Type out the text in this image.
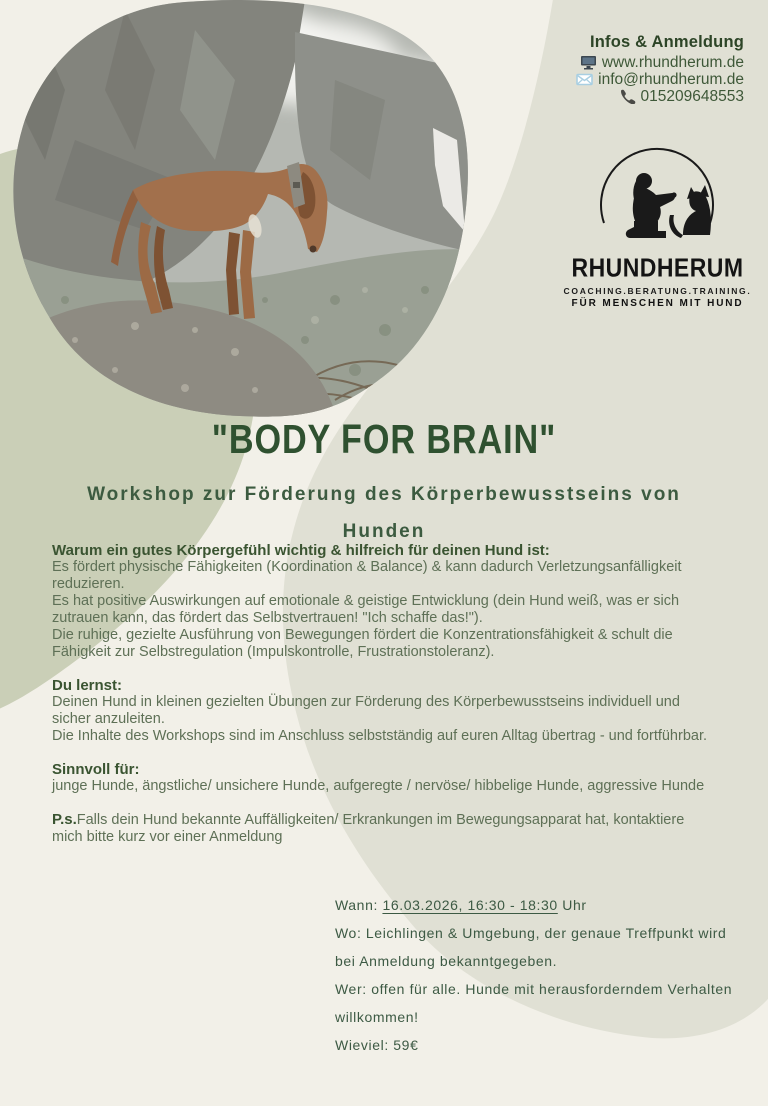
Infos & Anmeldung
www.rhundherum.de
info@rhundherum.de
015209648553
RHUNDHERUM
COACHING.BERATUNG.TRAINING.
FÜR MENSCHEN MIT HUND
"BODY FOR BRAIN"
Workshop zur Förderung des Körperbewusstseins von Hunden
Warum ein gutes Körpergefühl wichtig & hilfreich für deinen Hund ist:

Es fördert physische Fähigkeiten (Koordination & Balance) & kann dadurch Verletzungsanfälligkeit reduzieren.

Es hat positive Auswirkungen auf emotionale & geistige Entwicklung (dein Hund weiß, was er sich zutrauen kann, das fördert das Selbstvertrauen! "Ich schaffe das!").

Die ruhige, gezielte Ausführung von Bewegungen fördert die Konzentrationsfähigkeit & schult die Fähigkeit zur Selbstregulation (Impulskontrolle, Frustrationstoleranz).

Du lernst:

Deinen Hund in kleinen gezielten Übungen zur Förderung des Körperbewusstseins individuell und sicher anzuleiten.

Die Inhalte des Workshops sind im Anschluss selbstständig auf euren Alltag übertrag - und fortführbar.

Sinnvoll für:

junge Hunde, ängstliche/ unsichere Hunde, aufgeregte / nervöse/ hibbelige Hunde, aggressive Hunde

P.s.Falls dein Hund bekannte Auffälligkeiten/ Erkrankungen im Bewegungsapparat hat, kontaktiere mich bitte kurz vor einer Anmeldung

Wann: 16.03.2026, 16:30 - 18:30 Uhr

Wo: Leichlingen & Umgebung, der genaue Treffpunkt wird bei Anmeldung bekanntgegeben.

Wer: offen für alle. Hunde mit herausforderndem Verhalten willkommen!

Wieviel: 59€
